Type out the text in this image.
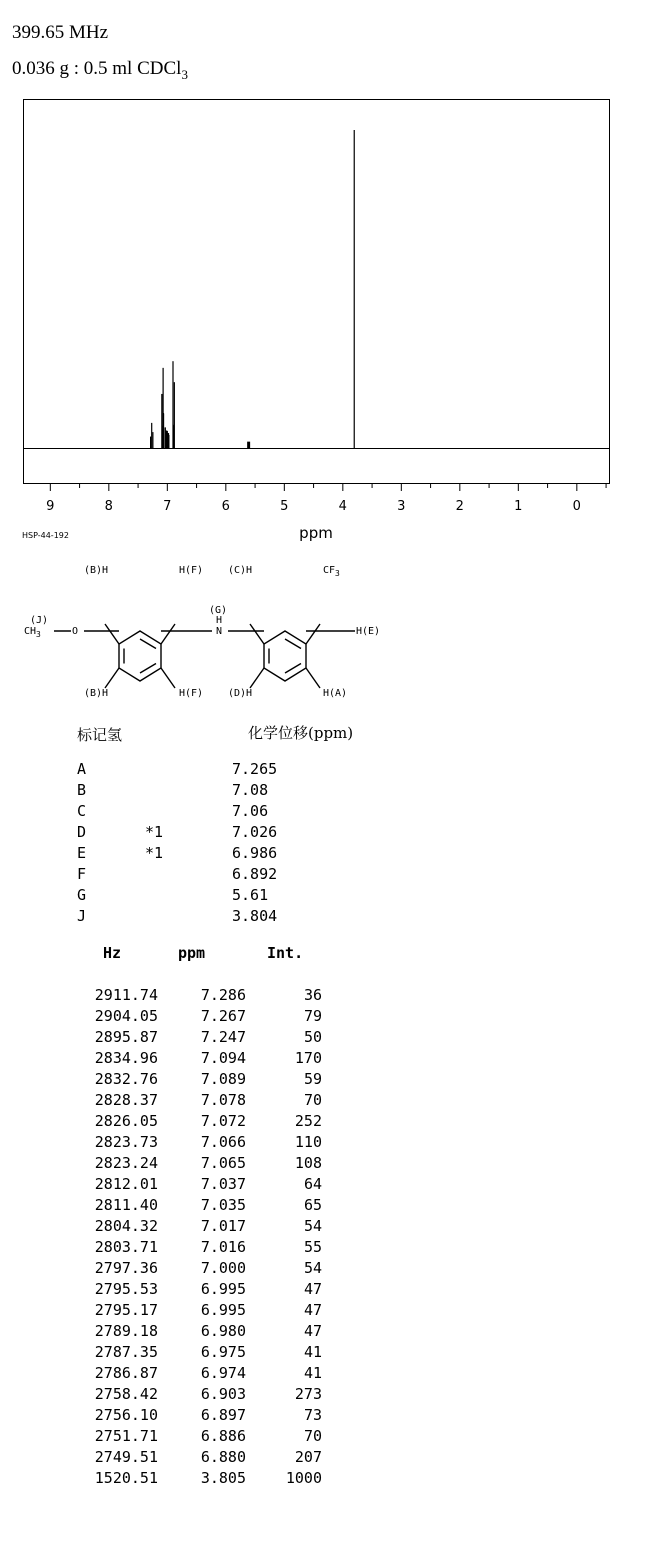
399.65 MHz
0.036 g : 0.5 ml CDCl$_3$
9	8	7	6	5	4	3	2	1	0
ppm
HSP-44-192
(B)H	H(F) (C)H	$CF_3$
(G)
H
N
(J)
$CH_3$	O	H(E)
(B)H	H(F) (D)H	H(A)
标记氢	化学位移(ppm)
A	7.265
B	7.08
C	7.06
D	*1	7.026
E	*1	6.986
F	6.892
G	5.61
J	3.804
Hz	ppm	Int.
2911.74	7.286	36
2904.05	7.267	79
2895.87	7.247	50
2834.96	7.094	170
2832.76	7.089	59
2828.37	7.078	70
2826.05	7.072	252
2823.73	7.066	110
2823.24	7.065	108
2812.01	7.037	64
2811.40	7.035	65
2804.32	7.017	54
2803.71	7.016	55
2797.36	7.000	54
2795.53	6.995	47
2795.17	6.995	47
2789.18	6.980	47
2787.35	6.975	41
2786.87	6.974	41
2758.42	6.903	273
2756.10	6.897	73
2751.71	6.886	70
2749.51	6.880	207
1520.51	3.805	1000
